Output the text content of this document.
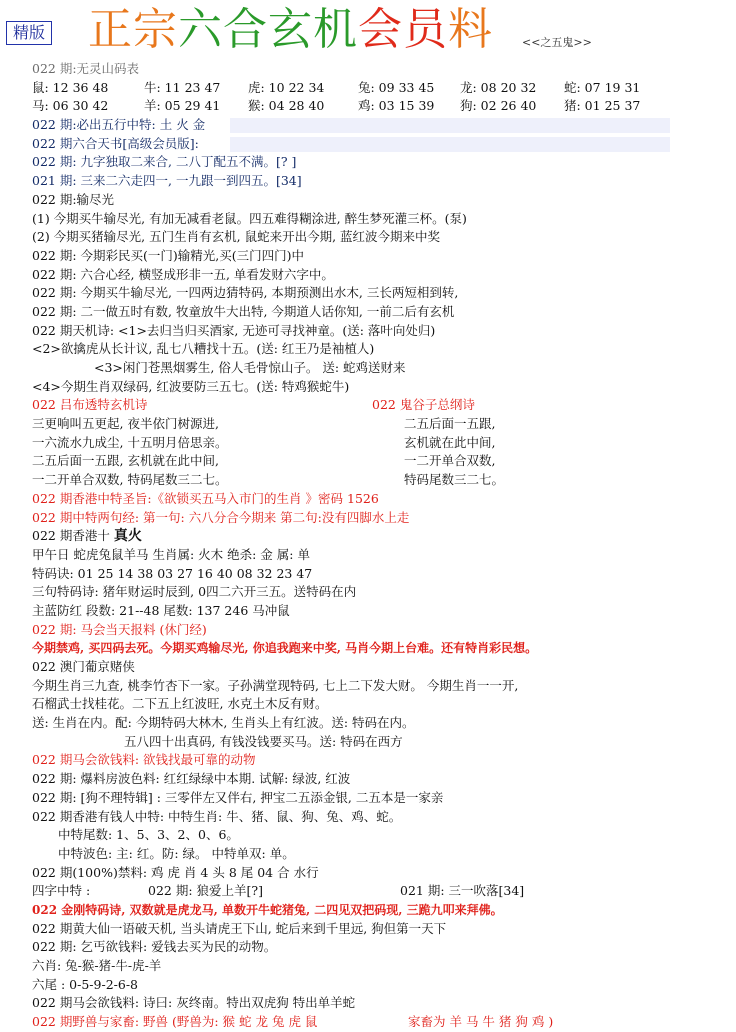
精版 正宗六合玄机会员料	<<之五鬼>>
022 期:无灵山码表
鼠: 12 36 48	牛: 11 23 47 虎: 10 22 34	兔: 09 33 45 龙: 08 20 32 蛇: 07 19 31
马: 06 30 42	羊: 05 29 41 猴: 04 28 40	鸡: 03 15 39 狗: 02 26 40 猪: 01 25 37
022 期:必出五行中特: 土 火 金
022 期六合天书[高级会员版]:
022 期: 九字独取二来合, 二八丁配五不满。[? ]
021 期: 三来二六走四一, 一九跟一到四五。[34]
022 期:输尽光
(1) 今期买牛输尽光, 有加无减看老鼠。四五难得糊涂进, 醉生梦死灌三杯。(泵)
(2) 今期买猪输尽光, 五门生肖有玄机, 鼠蛇来开出今期, 蓝红波今期来中奖
022 期: 今期彩民买(一门)输精光,买(三门四门)中
022 期: 六合心经, 横竖成形非一五, 单看发财六字中。
022 期: 今期买牛输尽光, 一四两边猜特码, 本期预测出水木, 三长两短相到转,
022 期: 二一做五时有数, 牧童放牛大出特, 今期道人话你知, 一前二后有玄机
022 期天机诗: <1>去归当归买酒家, 无迹可寻找神童。(送: 落叶向处归)
<2>欲擒虎从长计议, 乱七八糟找十五。(送: 红王乃是袖植人)
<3>闲门苍黑烟雾生, 俗人毛骨惊山子。 送: 蛇鸡送财来
<4>今期生肖双绿码, 红波要防三五七。(送: 特鸡猴蛇牛)
022 吕布透特玄机诗	022 鬼谷子总纲诗
三更响叫五更起, 夜半依门树源进,	二五后面一五跟,
一六流水九成尘, 十五明月倍思亲。	玄机就在此中间,
二五后面一五跟, 玄机就在此中间,	一二开单合双数,
一二开单合双数, 特码尾数三二七。	特码尾数三二七。
022 期香港中特圣旨:《欲锁买五马入市门的生肖 》密码 1526
022 期中特两句经: 第一句: 六八分合今期来 第二句:没有四脚水上走
022 期香港十 真火
甲午日 蛇虎兔鼠羊马 生肖属: 火木 绝杀: 金 属: 单
特码诀: 01 25 14 38 03 27 16 40 08 32 23 47
三句特码诗: 猪年财运时辰到, 0四二六开三五。送特码在内
主蓝防红 段数: 21--48 尾数: 137 246 马冲鼠
022 期: 马会当天报料 (休门经)
今期禁鸡, 买四码去死。今期买鸡输尽光, 你追我跑来中奖, 马肖今期上台难。还有特肖彩民想。
022 澳门葡京赌侠
今期生肖三九查, 桃李竹杏下一家。子孙满堂现特码, 七上二下发大财。 今期生肖一一开,
石榴武士找桂花。二下五上红波旺, 水克土木反有财。
送: 生肖在内。配: 今期特码大林木, 生肖头上有红波。送: 特码在内。
五八四十出真码, 有钱没钱要买马。送: 特码在西方
022 期马会欲钱料: 欲钱找最可靠的动物
022 期: 爆料房波色料: 红红绿绿中本期. 试解: 绿波, 红波
022 期: [狗不理特辑] : 三零伴左又伴右, 押宝二五添金银, 二五本是一家亲
022 期香港有钱人中特: 中特生肖: 牛、猪、鼠、狗、兔、鸡、蛇。
中特尾数: 1、5、3、2、0、6。
中特波色: 主: 红。防: 绿。 中特单双: 单。
022 期(100%)禁料: 鸡 虎 肖 4 头 8 尾 04 合 水行
四字中特 :	022 期: 狼爱上羊[?]	021 期: 三一吹落[34]
022 金刚特码诗, 双数就是虎龙马, 单数开牛蛇猪兔, 二四见双把码现, 三跪九叩来拜佛。
022 期黄大仙一语破天机, 当头请虎王下山, 蛇后来到千里远, 狗但第一天下
022 期: 乞丐欲钱料: 爱钱去买为民的动物。
六肖: 兔-猴-猪-牛-虎-羊
六尾 : 0-5-9-2-6-8
022 期马会欲钱料: 诗曰: 灰终南。特出双虎狗 特出单羊蛇
022 期野兽与家畜: 野兽 (野兽为: 猴 蛇 龙 兔 虎 鼠	家畜为 羊 马 牛 猪 狗 鸡 )
